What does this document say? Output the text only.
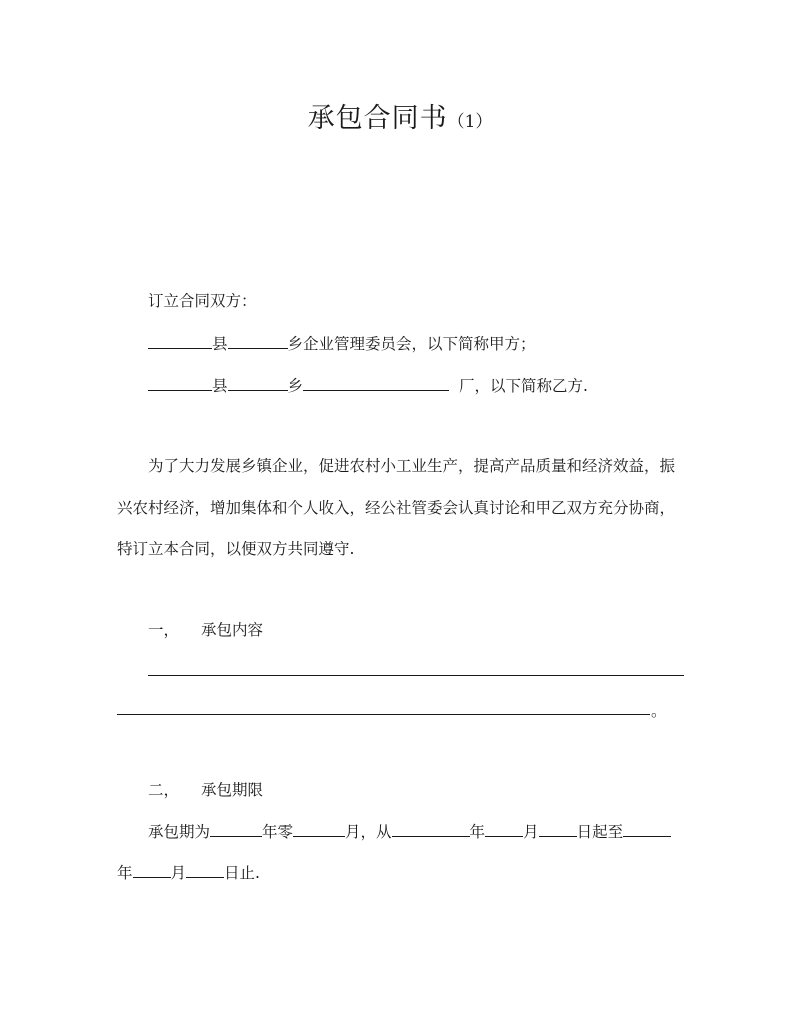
承包合同书（1）
订立合同双方：
县	乡企业管理委员会，以下简称甲方；
县	乡	厂，以下简称乙方.
为了大力发展乡镇企业，促进农村小工业生产，提高产品质量和经济效益，振
兴农村经济，增加集体和个人收入，经公社管委会认真讨论和甲乙双方充分协商，
特订立本合同，以便双方共同遵守.
一， 承包内容
。
二， 承包期限
承包期为	年零	月，从	年 月 日起至
年 月 日止.
